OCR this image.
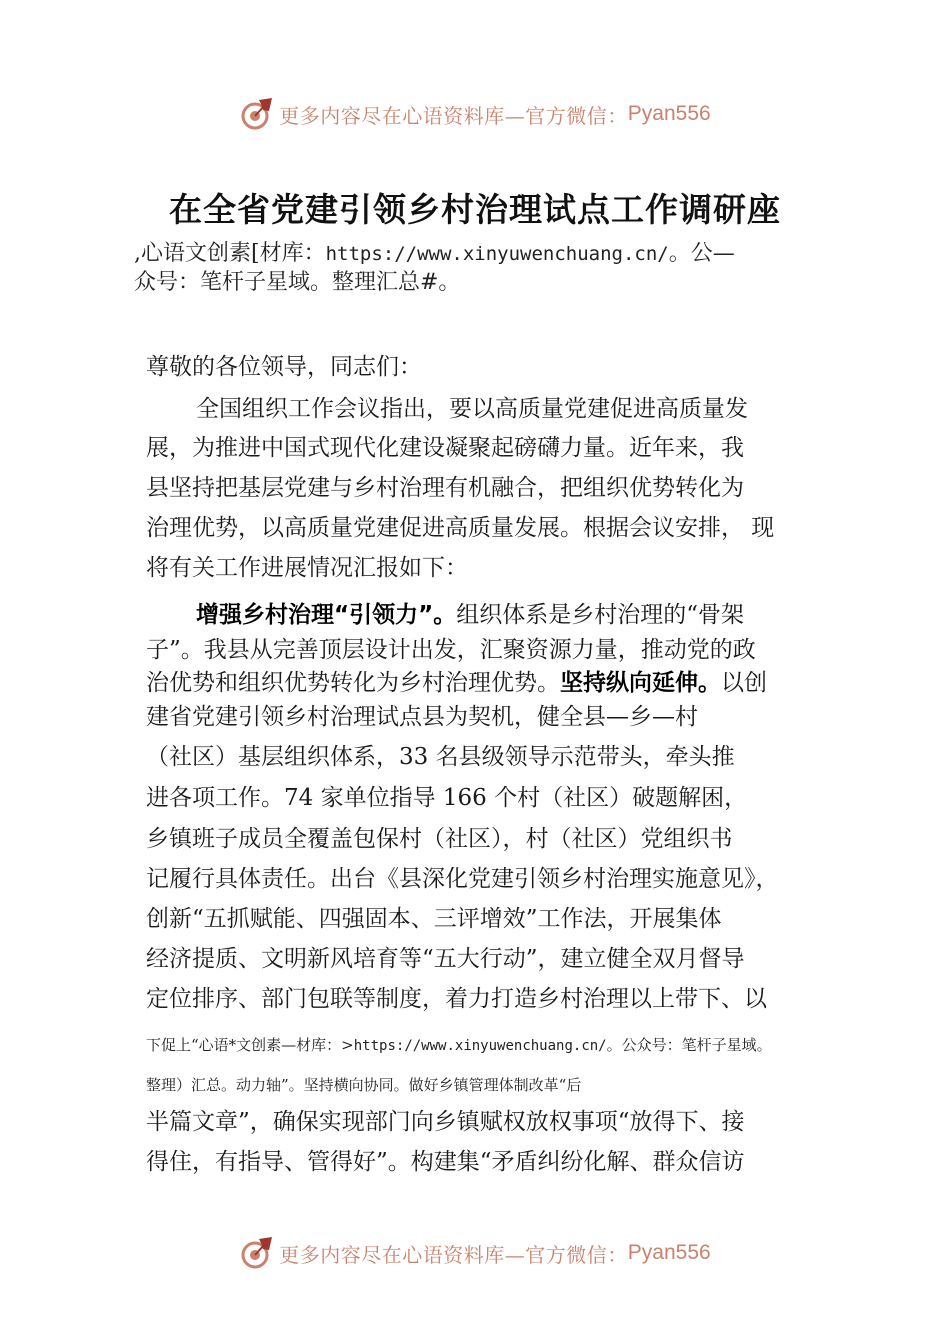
更多内容尽在心语资料库—官方微信： Pyan556
在全省党建引领乡村治理试点工作调研座
,心语文创素[材库：https://www.xinyuwenchuang.cn/。公—
众号：笔杆子星域。整理汇总#。
尊敬的各位领导，同志们：
全国组织工作会议指出，要以高质量党建促进高质量发
展，为推进中国式现代化建设凝聚起磅礴力量。近年来，我
县坚持把基层党建与乡村治理有机融合，把组织优势转化为
治理优势，以高质量党建促进高质量发展。根据会议安排， 现
将有关工作进展情况汇报如下：
增强乡村治理“引领力”。组织体系是乡村治理的“骨架
子”。我县从完善顶层设计出发，汇聚资源力量，推动党的政
治优势和组织优势转化为乡村治理优势。坚持纵向延伸。以创
建省党建引领乡村治理试点县为契机，健全县—乡—村
（社区）基层组织体系，33 名县级领导示范带头，牵头推
进各项工作。74 家单位指导 166 个村（社区）破题解困，
乡镇班子成员全覆盖包保村（社区），村（社区）党组织书
记履行具体责任。出台《县深化党建引领乡村治理实施意见》，
创新“五抓赋能、四强固本、三评增效”工作法，开展集体
经济提质、文明新风培育等“五大行动”，建立健全双月督导
定位排序、部门包联等制度，着力打造乡村治理以上带下、以
下促上“心语*文创素—材库：>https://www.xinyuwenchuang.cn/。公众号：笔杆子星域。
整理）汇总。动力轴”。坚持横向协同。做好乡镇管理体制改革“后
半篇文章”，确保实现部门向乡镇赋权放权事项“放得下、接
得住，有指导、管得好”。构建集“矛盾纠纷化解、群众信访
更多内容尽在心语资料库—官方微信： Pyan556
